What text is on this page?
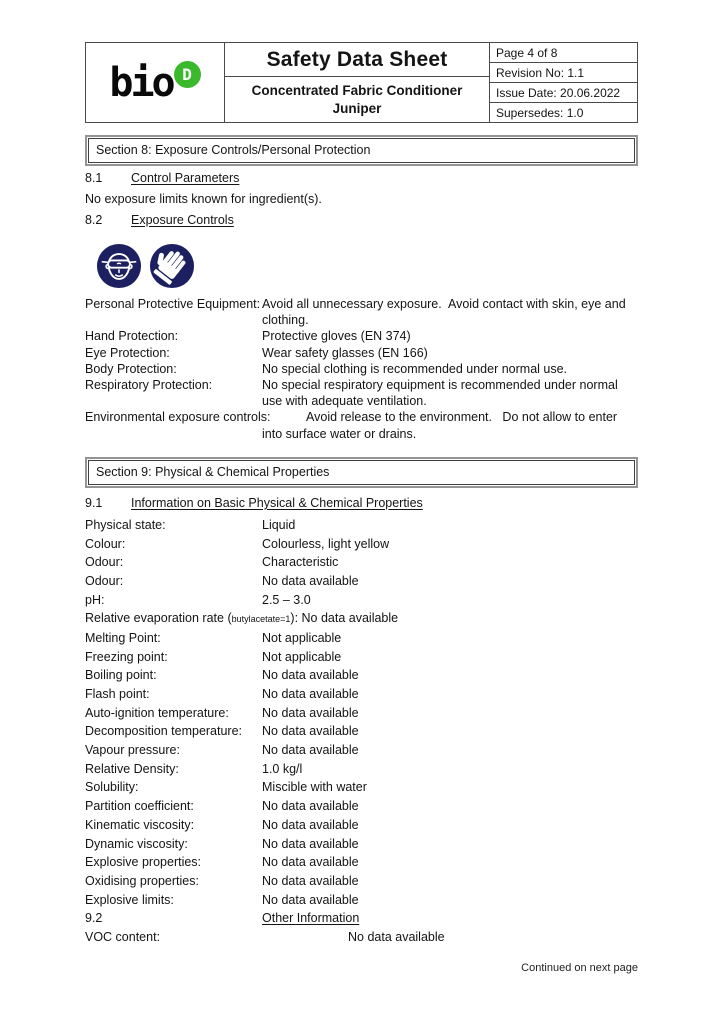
bio D
Safety Data Sheet
Concentrated Fabric Conditioner
Juniper
Page 4 of 8
Revision No: 1.1
Issue Date: 20.06.2022
Supersedes: 1.0
Section 8: Exposure Controls/Personal Protection
8.1	Control Parameters
No exposure limits known for ingredient(s).
8.2	Exposure Controls
Personal Protective Equipment: Avoid all unnecessary exposure.  Avoid contact with skin, eye and clothing.
Hand Protection:	Protective gloves (EN 374)
Eye Protection:	Wear safety glasses (EN 166)
Body Protection:	No special clothing is recommended under normal use.
Respiratory Protection:	No special respiratory equipment is recommended under normal use with adequate ventilation.
Environmental exposure controls:	Avoid release to the environment.   Do not allow to enter into surface water or drains.
Section 9: Physical & Chemical Properties
9.1	Information on Basic Physical & Chemical Properties
Physical state:	Liquid
Colour:	Colourless, light yellow
Odour:	Characteristic
Odour:	No data available
pH:	2.5 – 3.0
Relative evaporation rate (butylacetate=1): No data available
Melting Point:	Not applicable
Freezing point:	Not applicable
Boiling point:	No data available
Flash point:	No data available
Auto-ignition temperature:	No data available
Decomposition temperature:	No data available
Vapour pressure:	No data available
Relative Density:	1.0 kg/l
Solubility:	Miscible with water
Partition coefficient:	No data available
Kinematic viscosity:	No data available
Dynamic viscosity:	No data available
Explosive properties:	No data available
Oxidising properties:	No data available
Explosive limits:	No data available
9.2	Other Information
VOC content:	No data available
Continued on next page
